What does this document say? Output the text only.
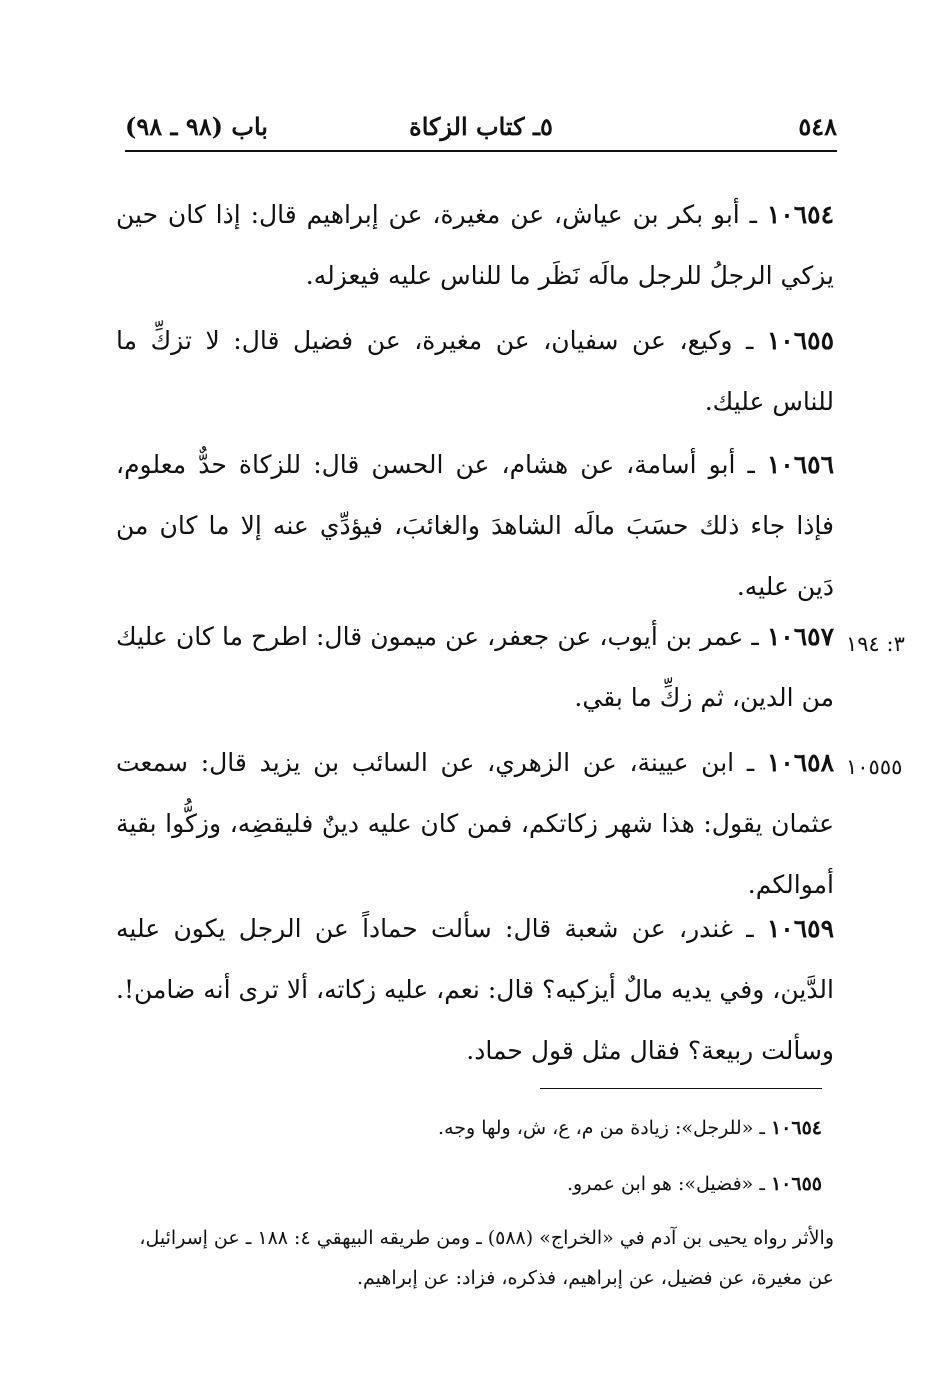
٥٤٨
٥ـ كتاب الزكاة
باب (٩٨ ـ ٩٨)
١٠٦٥٤ ـ أبو بكر بن عياش، عن مغيرة، عن إبراهيم قال: إذا كان حين يزكي الرجلُ للرجل مالَه نَظَر ما للناس عليه فيعزله.
١٠٦٥٥ ـ وكيع، عن سفيان، عن مغيرة، عن فضيل قال: لا تزكِّ ما للناس عليك.
١٠٦٥٦ ـ أبو أسامة، عن هشام، عن الحسن قال: للزكاة حدٌّ معلوم، فإذا جاء ذلك حسَبَ مالَه الشاهدَ والغائبَ، فيؤدِّي عنه إلا ما كان من دَين عليه.
١٠٦٥٧ ـ عمر بن أيوب، عن جعفر، عن ميمون قال: اطرح ما كان عليك من الدين، ثم زكِّ ما بقي.
١٠٦٥٨ ـ ابن عيينة، عن الزهري، عن السائب بن يزيد قال: سمعت عثمان يقول: هذا شهر زكاتكم، فمن كان عليه دينٌ فليقضِه، وزكُّوا بقية أموالكم.
١٠٦٥٩ ـ غندر، عن شعبة قال: سألت حماداً عن الرجل يكون عليه الدَّين، وفي يديه مالٌ أيزكيه؟ قال: نعم، عليه زكاته، ألا ترى أنه ضامن!. وسألت ربيعة؟ فقال مثل قول حماد.
٣: ١٩٤
١٠٥٥٥
١٠٦٥٤ ـ «للرجل»: زيادة من م، ع، ش، ولها وجه.
١٠٦٥٥ ـ «فضيل»: هو ابن عمرو.
والأثر رواه يحيى بن آدم في «الخراج» (٥٨٨) ـ ومن طريقه البيهقي ٤: ١٨٨ ـ عن إسرائيل، عن مغيرة، عن فضيل، عن إبراهيم، فذكره، فزاد: عن إبراهيم.
